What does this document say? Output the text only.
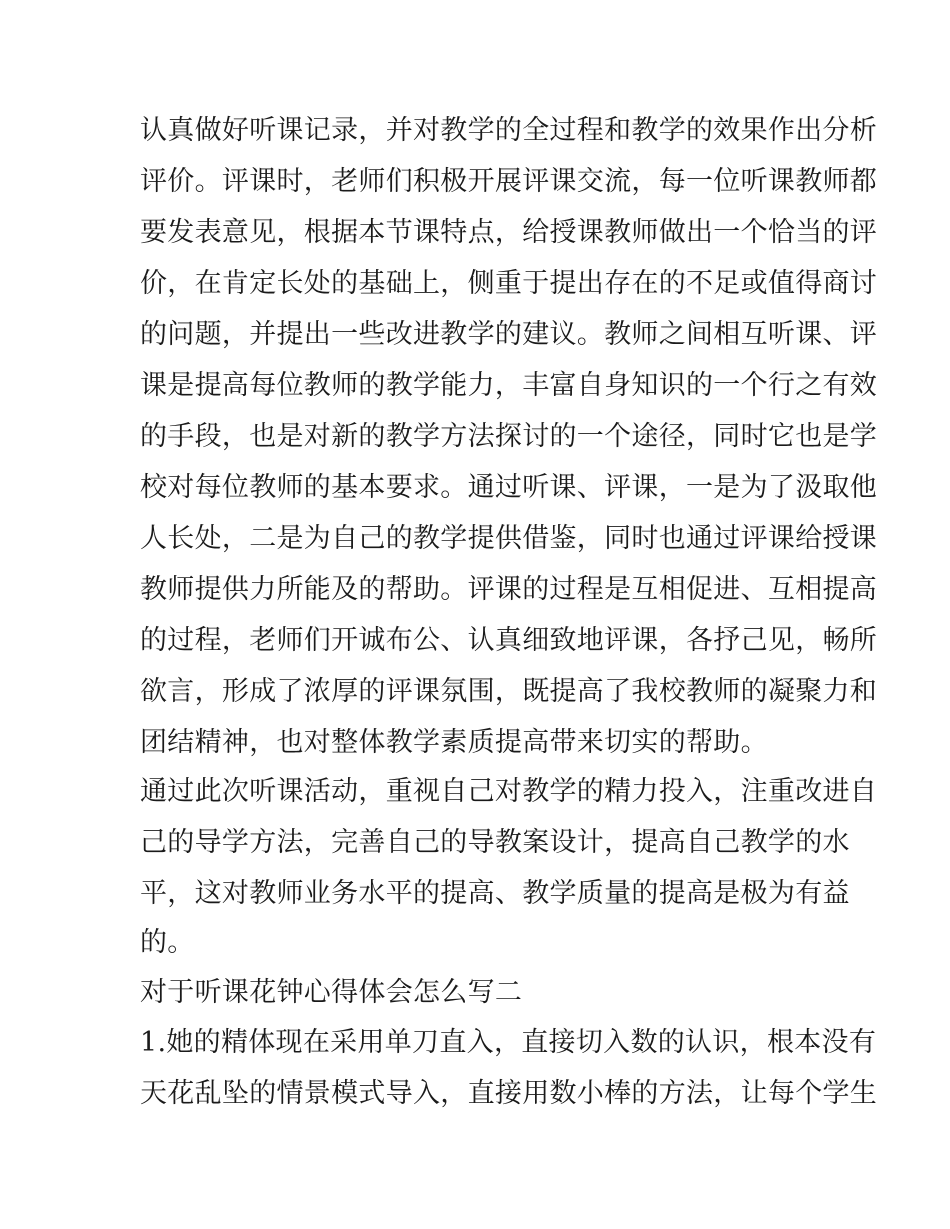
认真做好听课记录，并对教学的全过程和教学的效果作出分析
评价。评课时，老师们积极开展评课交流，每一位听课教师都
要发表意见，根据本节课特点，给授课教师做出一个恰当的评
价，在肯定长处的基础上，侧重于提出存在的不足或值得商讨
的问题，并提出一些改进教学的建议。教师之间相互听课、评
课是提高每位教师的教学能力，丰富自身知识的一个行之有效
的手段，也是对新的教学方法探讨的一个途径，同时它也是学
校对每位教师的基本要求。通过听课、评课，一是为了汲取他
人长处，二是为自己的教学提供借鉴，同时也通过评课给授课
教师提供力所能及的帮助。评课的过程是互相促进、互相提高
的过程，老师们开诚布公、认真细致地评课，各抒己见，畅所
欲言，形成了浓厚的评课氛围，既提高了我校教师的凝聚力和
团结精神，也对整体教学素质提高带来切实的帮助。
通过此次听课活动，重视自己对教学的精力投入，注重改进自
己的导学方法，完善自己的导教案设计，提高自己教学的水
平，这对教师业务水平的提高、教学质量的提高是极为有益
的。
对于听课花钟心得体会怎么写二
1.她的精体现在采用单刀直入，直接切入数的认识，根本没有
天花乱坠的情景模式导入，直接用数小棒的方法，让每个学生
